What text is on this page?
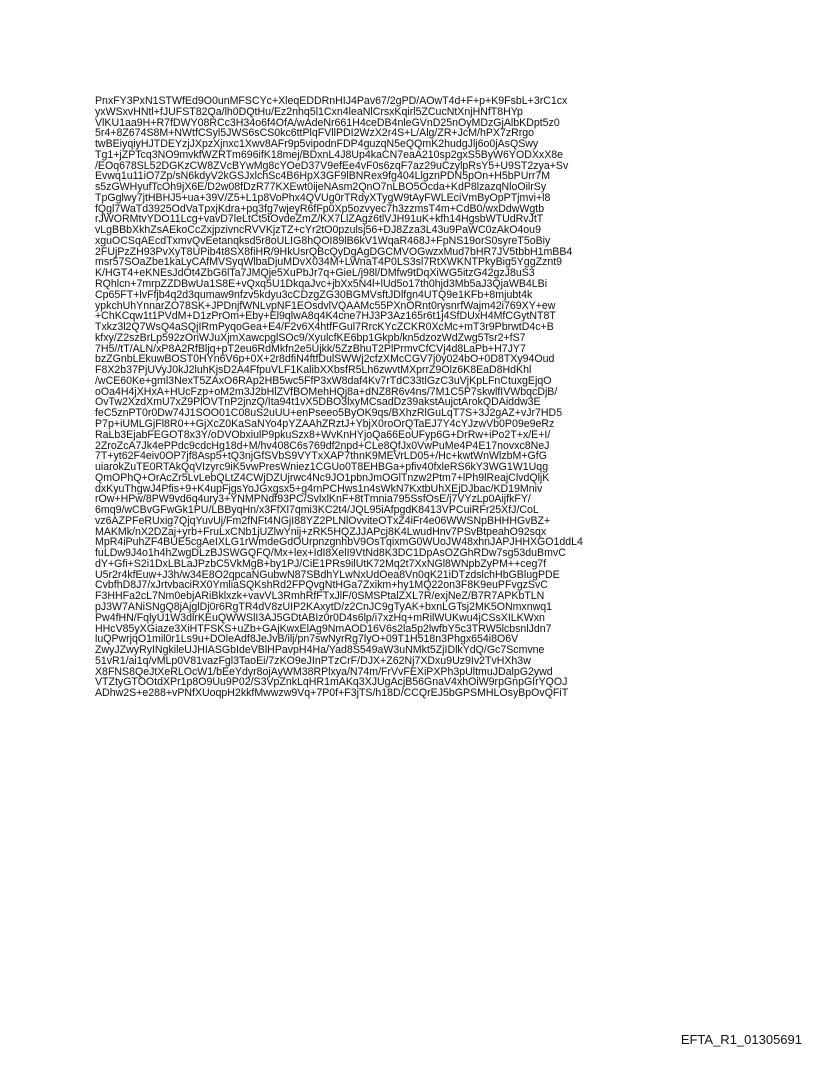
PnxFY3PxN1STWfEd9O0unMFSCYc+XleqEDDRnHIJ4Pav67/2gPD/AOwT4d+F+p+K9FsbL+3rC1cx
yxWSxvHNtl+fJUFST82Qa/lh0DQtHu/Ez2nhq5l1Cxn4leaNlCrsxKqirl5ZCucNtXnjHNfT8HYp
VlKU1aa9H+R7fDWY08RCc3H34o6f4OfA/wAdeNr661H4ceDB4nleGVnD25nOyMDzGjAlbKDpt5z0
5r4+8Z674S8M+NWtfCSyl5JWS6sCS0kc6ttPlqFVllPDI2WzX2r4S+L/Alg/ZR+JcM/hPX7zRrgo
twBEiyqiyHJTDEYzjJXpzXjnxc1Xwv8AFr9p5vipodnFDP4guzqN5eQQmK2hudgJlj6o0jAsQSwy
Tg1+jZPTcq3NO9mvkfWZRTm696ifK18mej/BDxnL4J8Up4kaCN7eaA210sp2gxS5ByW6YODXxX8e
/EOq678SL52DGKzCW8ZVcBYwMg8cYOeD37V9efEe4vF0s6zqF7az29uCzylpRsY5+U9ST2zya+Sv
Evwq1u11iO7Zp/sN6kdyV2kGSJxlchSc4B6HpX3GF9lBNRex9fg404LlgznPDN5pOn+H5bPUrr7M
s5zGWHyufTcOh9jX6E/D2w08fDzR77KXEwt0ijeNAsm2QnO7nLBO5Ocda+KdP8lzazqNloOilrSy
TpGglwy7jtHBHJ5+ua+39V/Z5+L1p8VoPhx4QVUg0rTRdyXTygW9tAyFWLEciVmByOpPTjmvi+l8
fQgl7WaTd3925OdVaTpxjKdra+pq3fg7wjeyR6fFp0Xp5ozvyec7h3zzmsT4m+CdB0/wxDdwWgtb
rJWORMtvYDO11Lcg+vavD7leLtCt5tOvdeZmZ/KX7LlZAgz6tlVJH91uK+kfh14HgsbWTUdRvJtT
vLgBBbXkhZsAEkoCcZxjpzivncRVVKjzTZ+cYr2tO0pzulsj56+DJ8Zza3L43u9PaWC0zAkO4ou9
xguOCSqAEcdTxmvQvEetanqksd5r8oULIG8hQOI89lB6kV1WqaR468J+FpNS19orS0syreT5oBiy
2FUjPzZH93PvXyT8UPib4t8SX8fiHR/9HkUsrQBcQyDgAgDGCMVOGwzxMud7bHR7JV5tbbH1mBB4
msr57SOaZbe1kaLyCAfMVSyqWlbaDjuMDvX034M+LWnaT4P0LS3sl7RtXWKNTPkyBig5YggZznt9
K/HGT4+eKNEsJdOt4ZbG6lTa7JMQje5XuPbJr7q+GieL/j98l/DMfw9tDqXiWG5itzG42gzJ8uS3
RQhlcn+7mrpZZDBwUa1S8E+vQxq5U1DkqaJvc+jbXx5N4l+lUd5o17th0hjd3Mb5aJ3QjaWB4LBi
Cp65FT+lvFfjb4q2d3qumaw9nfzv5kdyu3cCDzgZG30BGMVsftJDlfgn4UTQ9e1KFb+8mjubt4k
ypkchUhYnnarZO78SK+JPDnjfWNLvpNF1EOsdvlVQAAMc55PXnORnt0rysnrfWajm42i769XY+ew
+ChKCqw1t1PVdM+D1zPrOm+Eby+El9qlwA8q4K4cne7HJ3P3Az165r6t1j4SfDUxH4MfCGytNT8T
Txkz3l2Q7WsQ4aSQjIRmPyqoGea+E4/F2v6X4htfFGul7RrcKYcZCKR0XcMc+mT3r9PbrwtD4c+B
kfxy/Z2szBrLp592zOriWJuXjmXawcpglSOc9/XyulcfKE6bp1Gkpb/kn5dzozWdZwg5Tsr2+fS7
7H5//tT/ALN/xP8A2RfBljq+pT2eu6RdMkfn2e5Ujkk/5ZzBhuT2PlPrmvCfCVj4d8LaPb+H7JY7
bzZGnbLEkuwBOST0HYn6V6p+0X+2r8dfiN4ftfDulSWWj2cfzXMcCGV7j0y024bO+0D8TXy94Oud
F8X2b37PjUVyJ0kJ2luhKjsD2A4FfpuVLF1KalibXXbsfR5Lh6zwvtMXprrZ9Olz6K8EaD8HdKhl
/wCE60Ke+gml3NexT5ZAxO6RAp2HB5wc5FfP3xW8daf4Kv7rTdC33tlGzC3uVjKpLFnCtuxgEjqO
oOa4H4jXHxA+HUcFzp+oM2m3J2bHlZVfBOMehHQj8a+dNZ8R6v4ns/7M1C5P7skwlfIVWbqcDjB/
OvTw2XzdXmU7xZ9PlOVTnP2jnzQ/Ita94t1vX5DBO3lxyMCsadDz39akstAujctArokQDAiddw3E
feC5znPT0r0Dw74J1SOO01C08uS2uUU+enPseeo5ByOK9qs/BXhzRlGuLqT7S+3J2gAZ+vJr7HD5
P7p+iUMLGjFl8R0++GjXcZ0KaSaNYo4pYZAAhZRztJ+YbjX0roOrQTaEJ7Y4cYJzwVb0P09e9eRz
RaLb3EjabFEGOT8x3Y/oDVObxiulP9pkuSzx8+WvKnHYjoQa66EoUFyp6G+DrRw+iPo2T+x/E+I/
2ZroZcA7Jk4ePPdc9cdcHg18d+M/hv408C6s769df2npd+CLe8QfJx0VwPuMe4P4E17novxc8NeJ
7T+yt62F4eiv0OP7jf8Asp5+tQ3njGfSVbS9VYTxXAP7thnK9MEVrLD05+/Hc+kwtWnWlzbM+GfG
uiarokZuTE0RTAkQqVIzyrc9iK5vwPresWniez1CGUo0T8EHBGa+pfiv40fxleRS6kY3WG1W1Uqg
QmOPhQ+OrAcZr5LvLebQLtZ4CWjDZUjrwc4Nc9JO1pbnJmOGlTnzw2Ptm7+lPh9lReajClvdQljK
dxKyuThgwJ4Pfis+9+K4upFjgsYoJGxgsx5+g4rnPCHws1n4sWkN7KxtbUhXEjDJbac/KD19Mniv
rOw+HPw/8PW9vd6q4ury3+YNMPNdf93PC/SvlxlKnF+8tTmnia795SsfOsE/j7VYzLp0AijfkFY/
6mq9/wCBvGFwGk1PU/LBByqHn/x3FfXl7qmi3KC2t4/JQL95iAfpgdK8413VPCuiRFr25XfJ/CoL
vz6AZPFeRUxig7QjqYuvUj/Fm2fNFt4NGjI88YZ2PLNlOvviteOTxZ4iFr4e06WWSNpBHHHGvBZ+
MAKMk/nX2DZaj+yrb+FruLxCNb1jUZlwYnij+zRK5HQZJJAPcj8K4LwudHnv7PSvBtpeahO92sqx
MpR4iPuhZF4BUE5cgAeIXLG1rWmdeGdOUrpnzgnhbV9OsTqixmG0WUoJW48xhnJAPJHHXGO1ddL4
fuLDw9J4o1h4hZwgDLzBJSWGQFQ/Mx+lex+IdI8XelI9VtNd8K3DC1DpAsOZGhRDw7sg53duBmvC
dY+Gfi+S2i1DxLBLaJPzbC5VkMgB+by1PJ/CiE1PRs9ilUtK72Mq2t7XxNGl8WNpbZyPM++ceg7f
U5r2r4kfEuw+J3h/w34E8O2qpcaNGubwN87SBdhYLwNxUdOea8Vn0qK21iDTzdslchHbGBlugPDE
CvbfhD8J7/xJrtvbaciRX0YmliaSQKshRd2FPQvgNtHGa7Zxikm+hy1MQ22on3F8K9euPFvgzSvC
F3HHFa2cL7Nm0ebjARiBklxzk+vavVL3RmhRfFTxJlF/0SMSPtalZXL7R/exjNeZ/B7R7APKbTLN
pJ3W7ANiSNgQ8jAjglDj0r6RgTR4dV8zUIP2KAxytD/z2CnJC9gTyAK+bxnLGTsj2MK5ONmxnwq1
Pw4fHN/FqlyU1W3dlrKEuQWWSlI3AJ5GDtABIz0r0D4s6lp/i7xzHq+mRilWUKwu4jCSsXILKWxn
HHcV85yXGiaze3XiHTFSKS+uZb+GAjKwxElAg9NmAOD16V6s2la5p2lwfbY5c3TRW5lcbsnlJdn7
luQPwrjqO1mil0r1Ls9u+DOleAdf8JeJvB/ilj/pn7swNyrRg7lyO+09T1H518n3Phgx654i8O6V
ZwyJZwyRyINgkileUJHIASGbIdeVBlHPavpH4Ha/Yad8S549aW3uNMkt5ZjIDlkYdQ/Gc7Scmvne
51vR1/ai1q/vMLp0V81vazFgl3TaoEi/7zKO9eJInPTzCrF/DJX+Z62Nj7XDxu9Uz9Iv2TvHXh3w
X8FNS8QeJtXeRLOcW1/bEeYdyr8ojAyWM38RPlxya/N74m/FrVvFEXiPXPh3pUltmuJDalpG2ywd
VTZtyGTOOtdXPr1p8O9Uu9P02/S3VpZnkLqHR1mAKq3XJUgAcjB56GnaV4xhOiW9rpGnpGIrYQOJ
ADhw2S+e288+vPNfXUoqpH2kkfMwwzw9Vq+7P0f+F3jTS/h18D/CCQrEJ5bGPSMHLOsyBpOvQFiT
EFTA_R1_01305691
